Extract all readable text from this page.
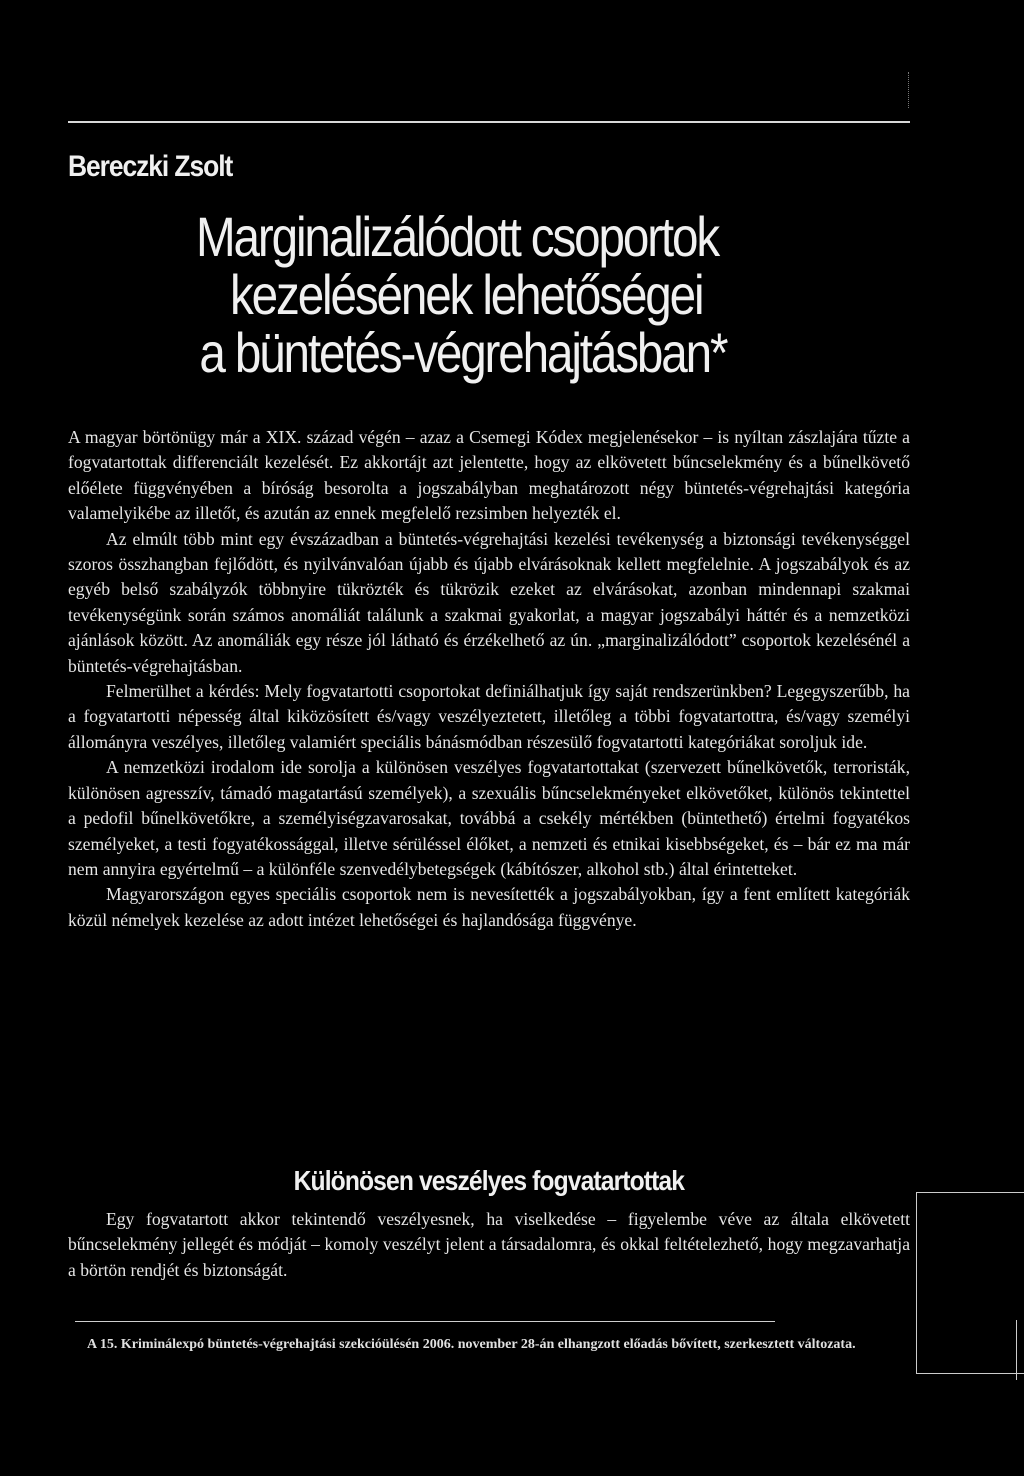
Bereczki Zsolt
Marginalizálódott csoportok
kezelésének lehetőségei
a büntetés-végrehajtásban*

A magyar börtönügy már a XIX. század végén – azaz a Csemegi Kódex megjelenésekor – is nyíltan zászlajára tűzte a fogvatartottak differenciált kezelését. Ez akkortájt azt jelentette, hogy az elkövetett bűncselekmény és a bűnelkövető előélete függvényében a bíróság besorolta a jogszabályban meghatározott négy büntetés-végrehajtási kategória valamelyikébe az illetőt, és azután az ennek megfelelő rezsimben helyezték el.

Az elmúlt több mint egy évszázadban a büntetés-végrehajtási kezelési tevékenység a biztonsági tevékenységgel szoros összhangban fejlődött, és nyilvánvalóan újabb és újabb elvárásoknak kellett megfelelnie. A jogszabályok és az egyéb belső szabályzók többnyire tükrözték és tükrözik ezeket az elvárásokat, azonban mindennapi szakmai tevékenységünk során számos anomáliát találunk a szakmai gyakorlat, a magyar jogszabályi háttér és a nemzetközi ajánlások között. Az anomáliák egy része jól látható és érzékelhető az ún. „marginalizálódott” csoportok kezelésénél a büntetés-végrehajtásban.

Felmerülhet a kérdés: Mely fogvatartotti csoportokat definiálhatjuk így saját rendszerünkben? Legegyszerűbb, ha a fogvatartotti népesség által kiközösített és/vagy veszélyeztetett, illetőleg a többi fogvatartottra, és/vagy személyi állományra veszélyes, illetőleg valamiért speciális bánásmódban részesülő fogvatartotti kategóriákat soroljuk ide.

A nemzetközi irodalom ide sorolja a különösen veszélyes fogvatartottakat (szervezett bűnelkövetők, terroristák, különösen agresszív, támadó magatartású személyek), a szexuális bűncselekményeket elkövetőket, különös tekintettel a pedofil bűnelkövetőkre, a személyiségzavarosakat, továbbá a csekély mértékben (büntethető) értelmi fogyatékos személyeket, a testi fogyatékossággal, illetve sérüléssel élőket, a nemzeti és etnikai kisebbségeket, és – bár ez ma már nem annyira egyértelmű – a különféle szenvedélybetegségek (kábítószer, alkohol stb.) által érintetteket.

Magyarországon egyes speciális csoportok nem is nevesítették a jogszabályokban, így a fent említett kategóriák közül némelyek kezelése az adott intézet lehetőségei és hajlandósága függvénye.

Különösen veszélyes fogvatartottak

Egy fogvatartott akkor tekintendő veszélyesnek, ha viselkedése – figyelembe véve az általa elkövetett bűncselekmény jellegét és módját – komoly veszélyt jelent a társadalomra, és okkal feltételezhető, hogy megzavarhatja a börtön rendjét és biztonságát.

A 15. Kriminálexpó büntetés-végrehajtási szekcióülésén 2006. november 28-án elhangzott előadás bővített, szerkesztett változata.
